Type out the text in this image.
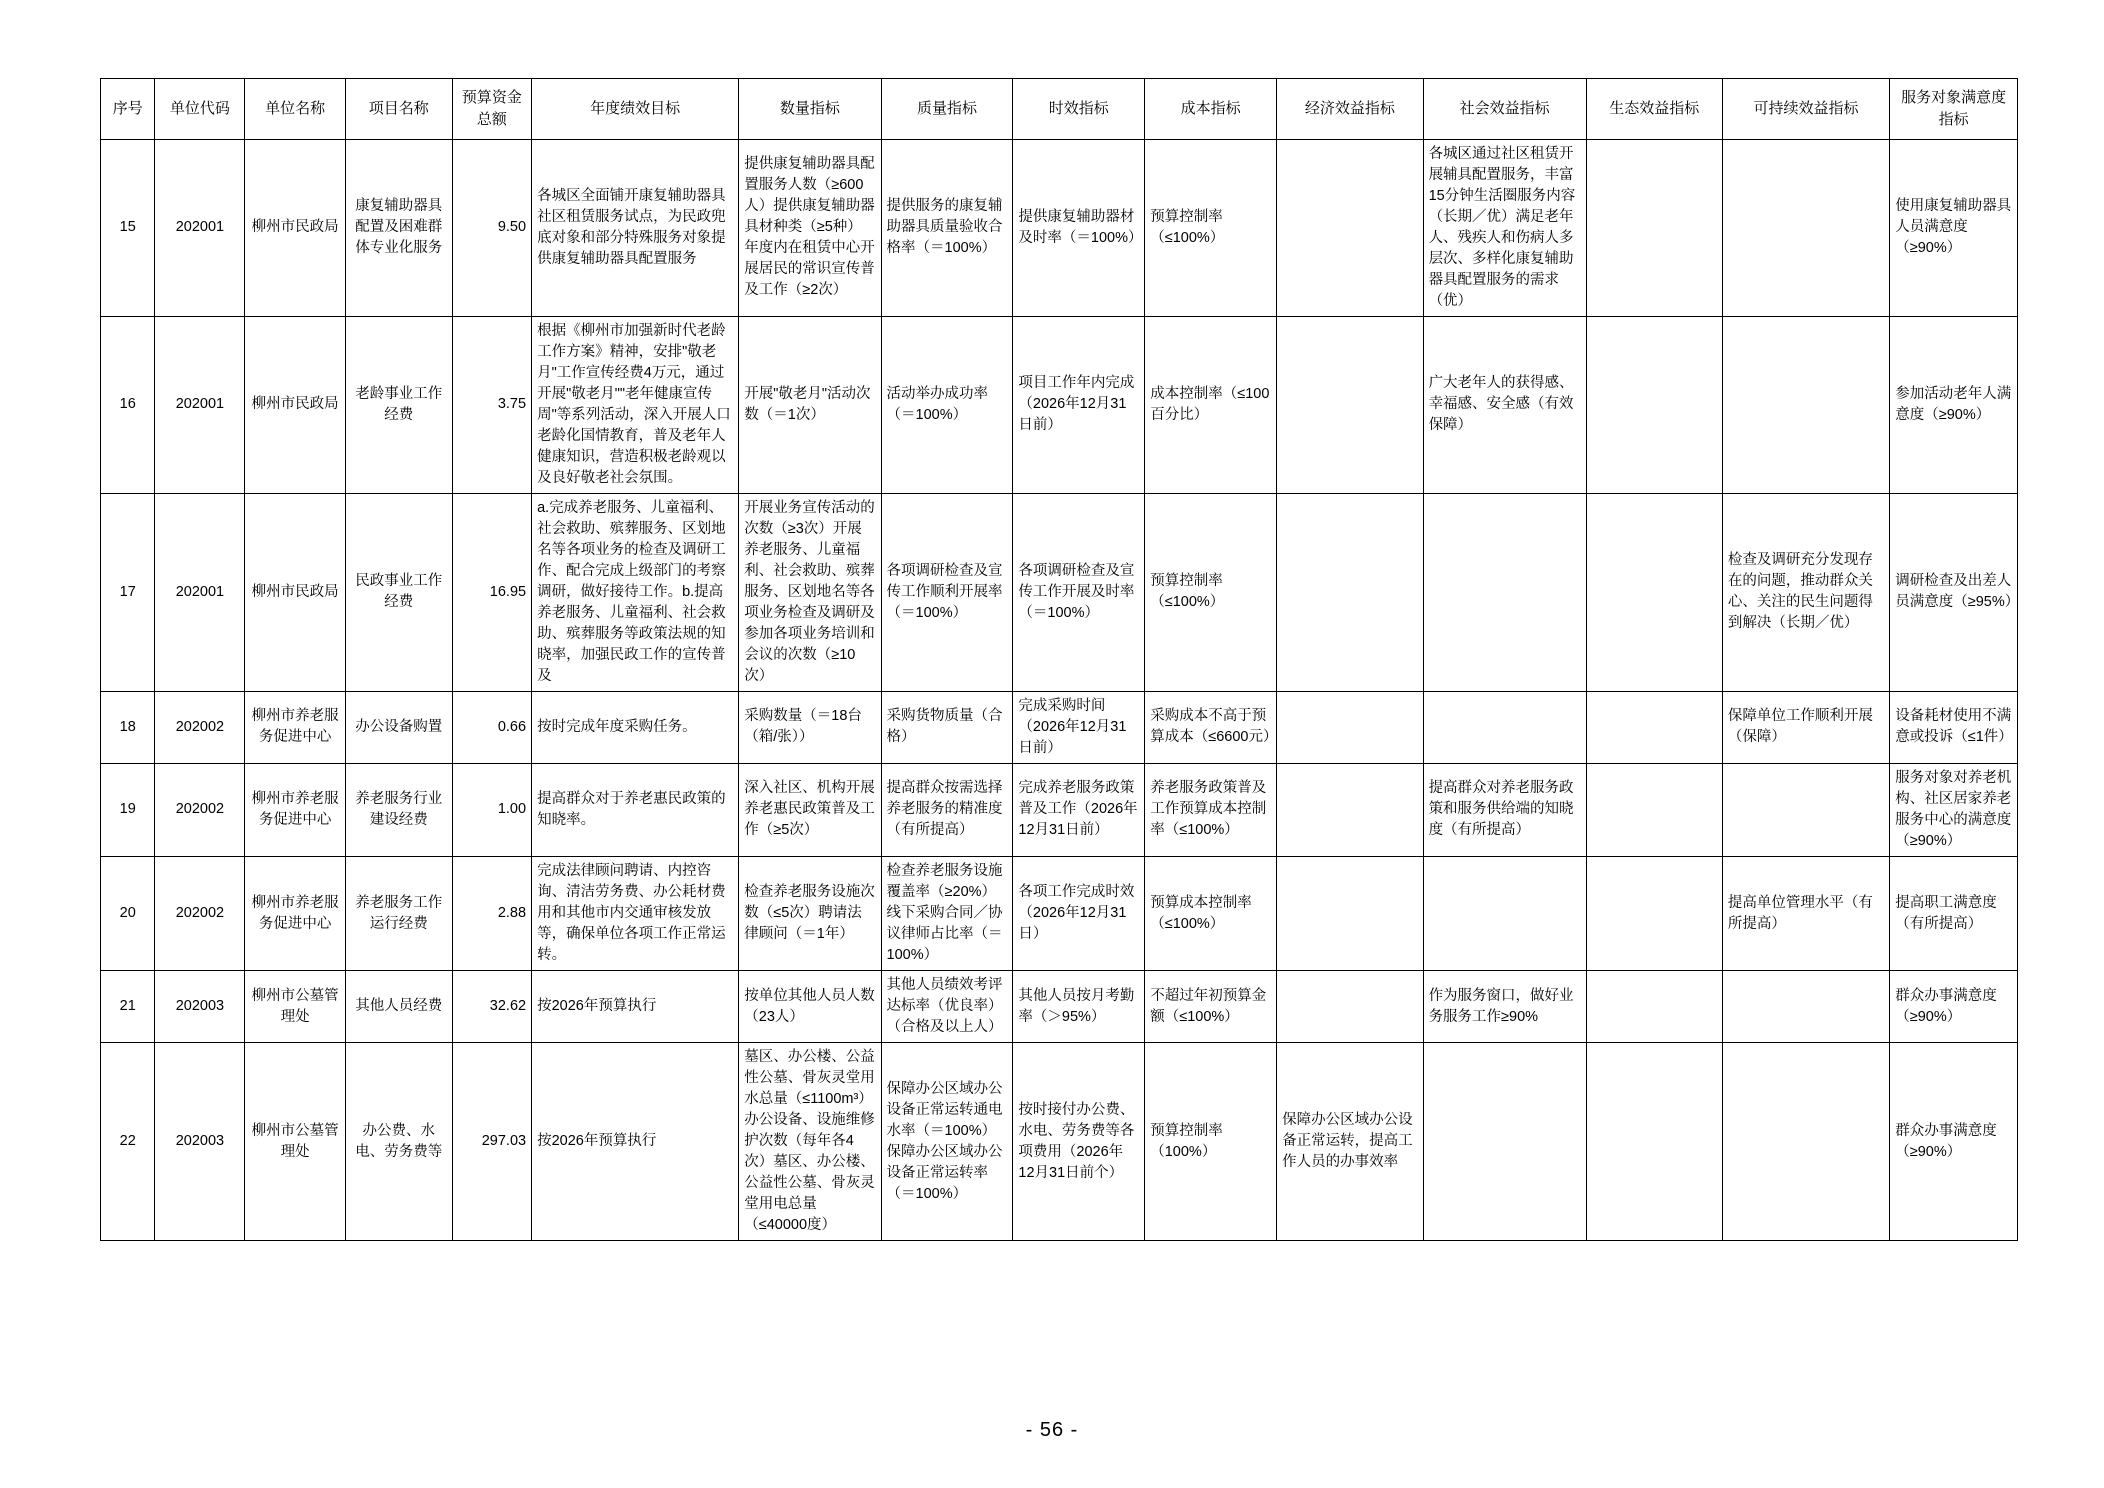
序号	单位代码	单位名称	项目名称	预算资金总额	年度绩效目标	数量指标	质量指标	时效指标	成本指标	经济效益指标	社会效益指标	生态效益指标	可持续效益指标	服务对象满意度指标
15	202001	柳州市民政局	康复辅助器具配置及困难群体专业化服务	9.50	各城区全面铺开康复辅助器具社区租赁服务试点，为民政兜底对象和部分特殊服务对象提供康复辅助器具配置服务	提供康复辅助器具配置服务人数（≥600人）提供康复辅助器具材种类（≥5种）年度内在租赁中心开展居民的常识宣传普及工作（≥2次）	提供服务的康复辅助器具质量验收合格率（＝100%）	提供康复辅助器材及时率（＝100%）	预算控制率（≤100%）		各城区通过社区租赁开展辅具配置服务，丰富15分钟生活圈服务内容（长期／优）满足老年人、残疾人和伤病人多层次、多样化康复辅助器具配置服务的需求（优）			使用康复辅助器具人员满意度（≥90%）
16	202001	柳州市民政局	老龄事业工作经费	3.75	根据《柳州市加强新时代老龄工作方案》精神，安排"敬老月"工作宣传经费4万元，通过开展"敬老月""老年健康宣传周"等系列活动，深入开展人口老龄化国情教育，普及老年人健康知识，营造积极老龄观以及良好敬老社会氛围。	开展"敬老月"活动次数（＝1次）	活动举办成功率（＝100%）	项目工作年内完成（2026年12月31日前）	成本控制率（≤100百分比）		广大老年人的获得感、幸福感、安全感（有效保障）			参加活动老年人满意度（≥90%）
17	202001	柳州市民政局	民政事业工作经费	16.95	a.完成养老服务、儿童福利、社会救助、殡葬服务、区划地名等各项业务的检查及调研工作、配合完成上级部门的考察调研，做好接待工作。b.提高养老服务、儿童福利、社会救助、殡葬服务等政策法规的知晓率，加强民政工作的宣传普及	开展业务宣传活动的次数（≥3次）开展养老服务、儿童福利、社会救助、殡葬服务、区划地名等各项业务检查及调研及参加各项业务培训和会议的次数（≥10次）	各项调研检查及宣传工作顺利开展率（＝100%）	各项调研检查及宣传工作开展及时率（＝100%）	预算控制率（≤100%）				检查及调研充分发现存在的问题，推动群众关心、关注的民生问题得到解决（长期／优）	调研检查及出差人员满意度（≥95%）
18	202002	柳州市养老服务促进中心	办公设备购置	0.66	按时完成年度采购任务。	采购数量（＝18台（箱/张））	采购货物质量（合格）	完成采购时间（2026年12月31日前）	采购成本不高于预算成本（≤6600元）				保障单位工作顺利开展（保障）	设备耗材使用不满意或投诉（≤1件）
19	202002	柳州市养老服务促进中心	养老服务行业建设经费	1.00	提高群众对于养老惠民政策的知晓率。	深入社区、机构开展养老惠民政策普及工作（≥5次）	提高群众按需选择养老服务的精准度（有所提高）	完成养老服务政策普及工作（2026年12月31日前）	养老服务政策普及工作预算成本控制率（≤100%）		提高群众对养老服务政策和服务供给端的知晓度（有所提高）			服务对象对养老机构、社区居家养老服务中心的满意度（≥90%）
20	202002	柳州市养老服务促进中心	养老服务工作运行经费	2.88	完成法律顾问聘请、内控咨询、清洁劳务费、办公耗材费用和其他市内交通审核发放等，确保单位各项工作正常运转。	检查养老服务设施次数（≤5次）聘请法律顾问（＝1年）	检查养老服务设施覆盖率（≥20%）线下采购合同／协议律师占比率（＝100%）	各项工作完成时效（2026年12月31日）	预算成本控制率（≤100%）				提高单位管理水平（有所提高）	提高职工满意度（有所提高）
21	202003	柳州市公墓管理处	其他人员经费	32.62	按2026年预算执行	按单位其他人员人数（23人）	其他人员绩效考评达标率（优良率）（合格及以上人）	其他人员按月考勤率（＞95%）	不超过年初预算金额（≤100%）		作为服务窗口，做好业务服务工作≥90%			群众办事满意度（≥90%）
22	202003	柳州市公墓管理处	办公费、水电、劳务费等	297.03	按2026年预算执行	墓区、办公楼、公益性公墓、骨灰灵堂用水总量（≤1100m³）办公设备、设施维修护次数（每年各4次）墓区、办公楼、公益性公墓、骨灰灵堂用电总量（≤40000度）	保障办公区域办公设备正常运转通电水率（＝100%）保障办公区域办公设备正常运转率（＝100%）	按时接付办公费、水电、劳务费等各项费用（2026年12月31日前个）	预算控制率（100%）	保障办公区域办公设备正常运转，提高工作人员的办事效率				群众办事满意度（≥90%）
- 56 -
